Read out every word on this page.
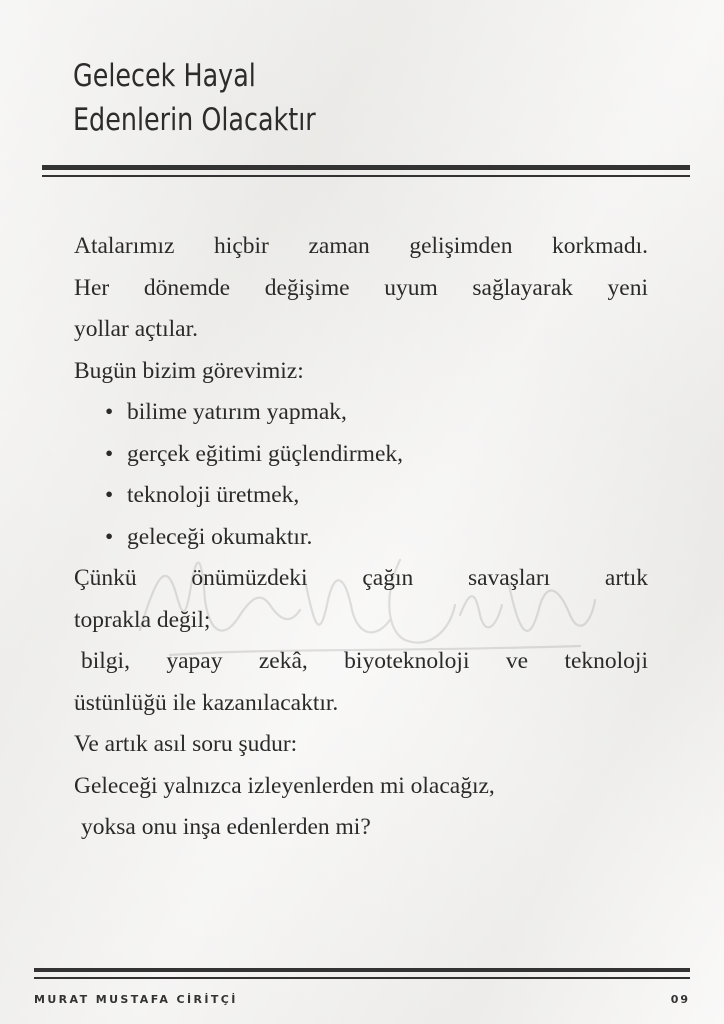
Gelecek Hayal
Edenlerin Olacaktır
Atalarımız hiçbir zaman gelişimden korkmadı.
Her dönemde değişime uyum sağlayarak yeni
yollar açtılar.
Bugün bizim görevimiz:
• bilime yatırım yapmak,
• gerçek eğitimi güçlendirmek,
• teknoloji üretmek,
• geleceği okumaktır.
Çünkü önümüzdeki çağın savaşları artık
toprakla değil;
bilgi, yapay zekâ, biyoteknoloji ve teknoloji
üstünlüğü ile kazanılacaktır.
Ve artık asıl soru şudur:
Geleceği yalnızca izleyenlerden mi olacağız,
yoksa onu inşa edenlerden mi?
MURAT MUSTAFA CİRİTÇİ	09
